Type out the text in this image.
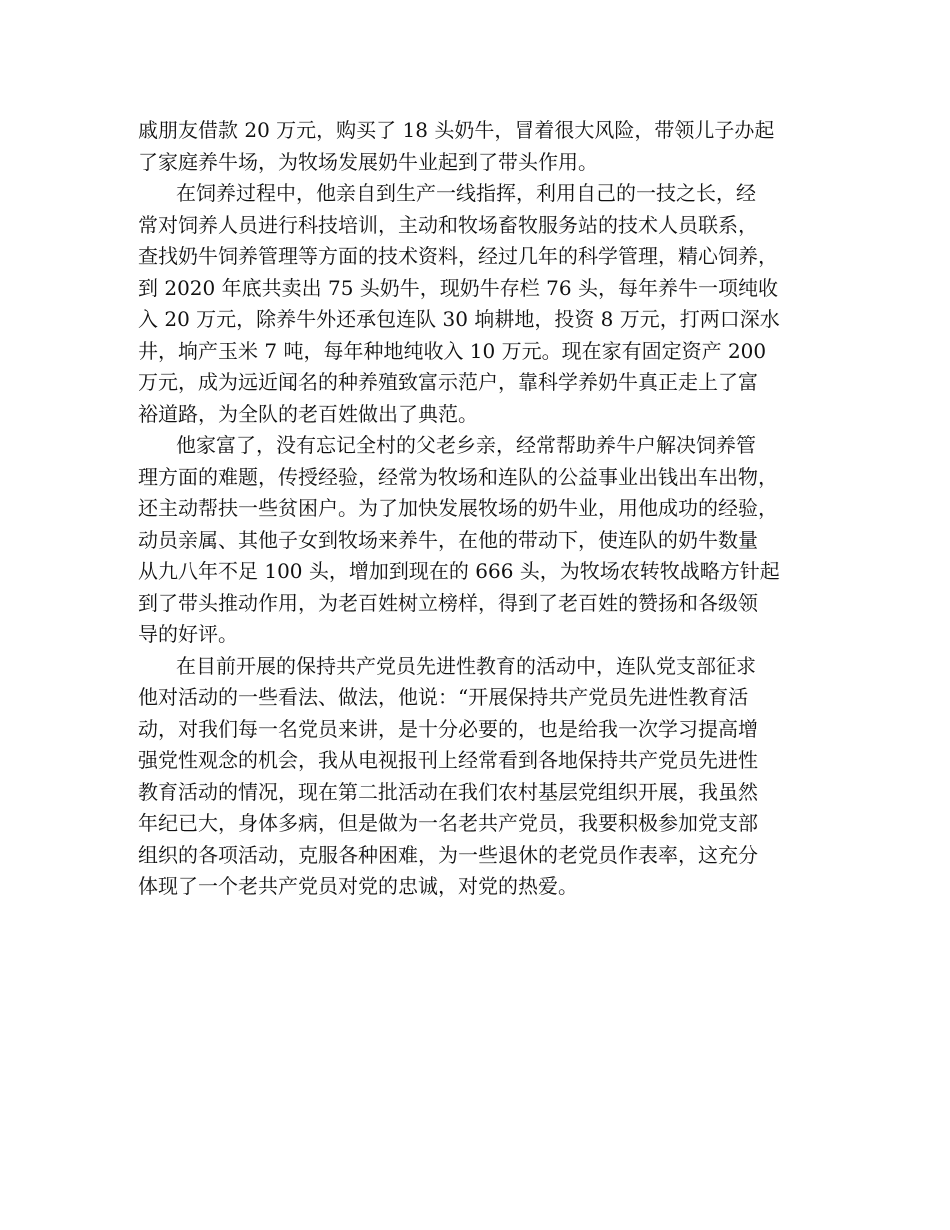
戚朋友借款 20 万元，购买了 18 头奶牛，冒着很大风险，带领儿子办起
了家庭养牛场，为牧场发展奶牛业起到了带头作用。

在饲养过程中，他亲自到生产一线指挥，利用自己的一技之长，经
常对饲养人员进行科技培训，主动和牧场畜牧服务站的技术人员联系，
查找奶牛饲养管理等方面的技术资料，经过几年的科学管理，精心饲养，
到 2020 年底共卖出 75 头奶牛，现奶牛存栏 76 头，每年养牛一项纯收
入 20 万元，除养牛外还承包连队 30 垧耕地，投资 8 万元，打两口深水
井，垧产玉米 7 吨，每年种地纯收入 10 万元。现在家有固定资产 200
万元，成为远近闻名的种养殖致富示范户，靠科学养奶牛真正走上了富
裕道路，为全队的老百姓做出了典范。

他家富了，没有忘记全村的父老乡亲，经常帮助养牛户解决饲养管
理方面的难题，传授经验，经常为牧场和连队的公益事业出钱出车出物，
还主动帮扶一些贫困户。为了加快发展牧场的奶牛业，用他成功的经验，
动员亲属、其他子女到牧场来养牛，在他的带动下，使连队的奶牛数量
从九八年不足 100 头，增加到现在的 666 头，为牧场农转牧战略方针起
到了带头推动作用，为老百姓树立榜样，得到了老百姓的赞扬和各级领
导的好评。

在目前开展的保持共产党员先进性教育的活动中，连队党支部征求
他对活动的一些看法、做法，他说：“开展保持共产党员先进性教育活
动，对我们每一名党员来讲，是十分必要的，也是给我一次学习提高增
强党性观念的机会，我从电视报刊上经常看到各地保持共产党员先进性
教育活动的情况，现在第二批活动在我们农村基层党组织开展，我虽然
年纪已大，身体多病，但是做为一名老共产党员，我要积极参加党支部
组织的各项活动，克服各种困难，为一些退休的老党员作表率，这充分
体现了一个老共产党员对党的忠诚，对党的热爱。
